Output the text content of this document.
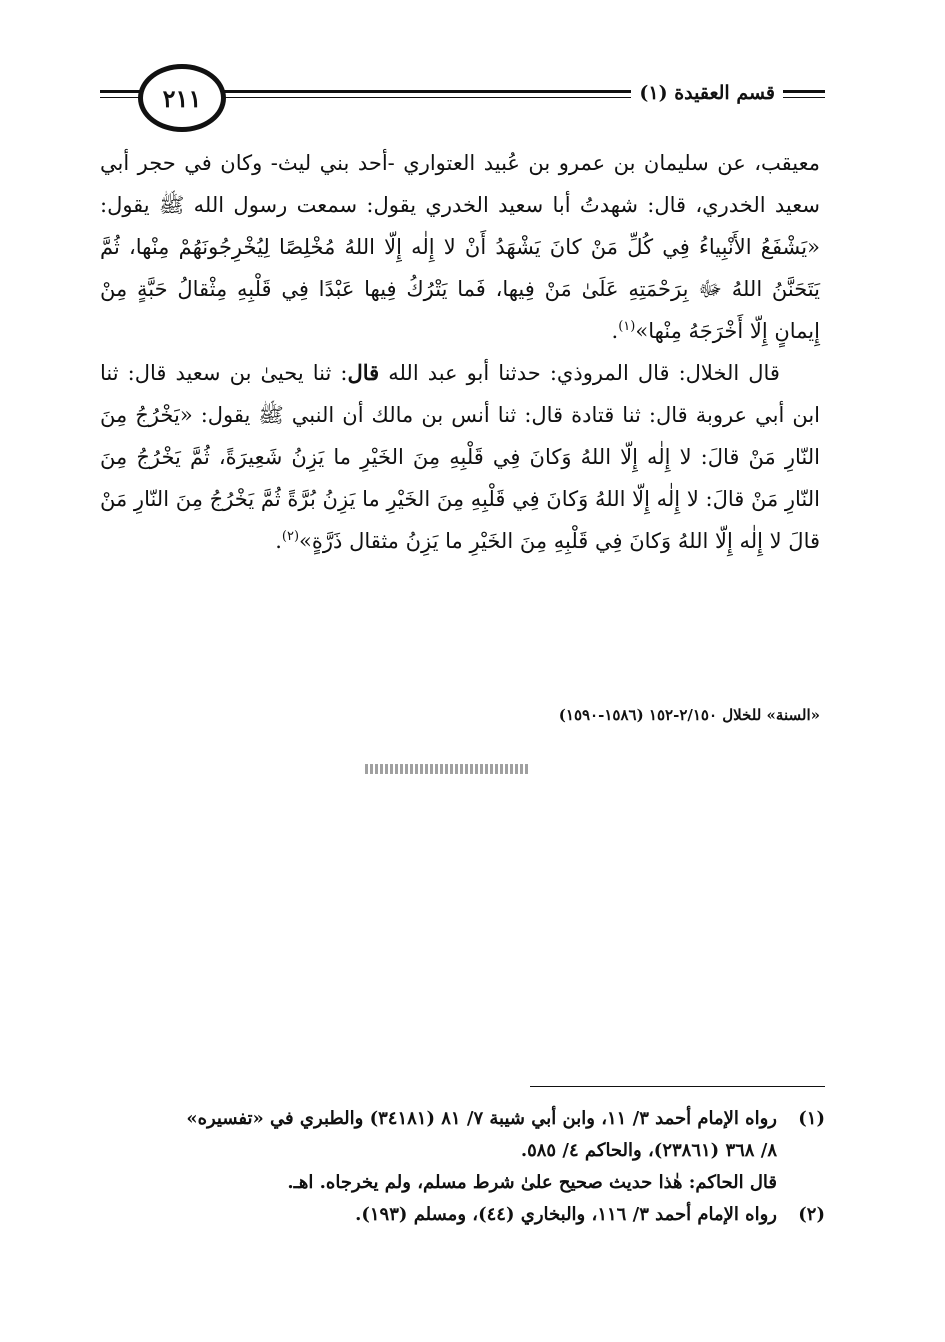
٢١١	قسم العقيدة (١)

معيقب، عن سليمان بن عمرو بن عُبيد العتواري -أحد بني ليث- وكان في حجر أبي سعيد الخدري، قال: شهدتُ أبا سعيد الخدري يقول: سمعت رسول الله ﷺ يقول: «يَشْفَعُ الأَنْبِياءُ فِي كُلِّ مَنْ كانَ يَشْهَدُ أَنْ لا إِلٰه إِلّا اللهُ مُخْلِصًا لِيُخْرِجُونَهُمْ مِنْها، ثُمَّ يَتَحَنَّنُ اللهُ ﷻ بِرَحْمَتِهِ عَلَىٰ مَنْ فِيها، فَما يَتْرُكُ فِيها عَبْدًا فِي قَلْبِهِ مِثْقالُ حَبَّةٍ مِنْ إِيمانٍ إِلّا أَخْرَجَهُ مِنْها»$^{(١)}$.

قال الخلال: قال المروذي: حدثنا أبو عبد الله قال: ثنا يحيىٰ بن سعيد قال: ثنا ابن أبي عروبة قال: ثنا قتادة قال: ثنا أنس بن مالك أن النبي ﷺ يقول: «يَخْرُجُ مِنَ النّارِ مَنْ قالَ: لا إِلٰه إِلّا اللهُ وَكانَ فِي قَلْبِهِ مِنَ الخَيْرِ ما يَزِنُ شَعِيرَةً، ثُمَّ يَخْرُجُ مِنَ النّارِ مَنْ قالَ: لا إِلٰه إِلّا اللهُ وَكانَ فِي قَلْبِهِ مِنَ الخَيْرِ ما يَزِنُ بُرَّةً ثُمَّ يَخْرُجُ مِنَ النّارِ مَنْ قالَ لا إِلٰه إِلّا اللهُ وَكانَ فِي قَلْبِهِ مِنَ الخَيْرِ ما يَزِنُ مثقال ذَرَّةٍ»$^{(٢)}$.

«السنة» للخلال ٢/١٥٠-١٥٢ (١٥٨٦-١٥٩٠)
(١)
رواه الإمام أحمد ٣/ ١١، وابن أبي شيبة ٧/ ٨١ (٣٤١٨١) والطبري في «تفسيره»
٨/ ٣٦٨ (٢٣٨٦١)، والحاكم ٤/ ٥٨٥.
قال الحاكم: هٰذا حديث صحيح علىٰ شرط مسلم، ولم يخرجاه. اهـ.
(٢)
رواه الإمام أحمد ٣/ ١١٦، والبخاري (٤٤)، ومسلم (١٩٣).
